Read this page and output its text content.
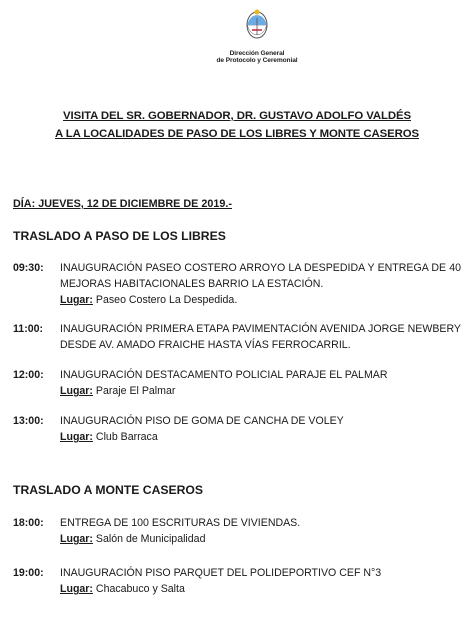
Dirección General
de Protocolo y Ceremonial
VISITA DEL SR. GOBERNADOR, DR. GUSTAVO ADOLFO VALDÉS
A LA LOCALIDADES DE PASO DE LOS LIBRES Y MONTE CASEROS
DÍA: JUEVES, 12 DE DICIEMBRE DE 2019.-
TRASLADO A PASO DE LOS LIBRES
09:30: INAUGURACIÓN PASEO COSTERO ARROYO LA DESPEDIDA Y ENTREGA DE 40 MEJORAS HABITACIONALES BARRIO LA ESTACIÓN.
Lugar: Paseo Costero La Despedida.
11:00: INAUGURACIÓN PRIMERA ETAPA PAVIMENTACIÓN AVENIDA JORGE NEWBERY DESDE AV. AMADO FRAICHE HASTA VÍAS FERROCARRIL.
12:00: INAUGURACIÓN DESTACAMENTO POLICIAL PARAJE EL PALMAR
Lugar: Paraje El Palmar
13:00: INAUGURACIÓN PISO DE GOMA DE CANCHA DE VOLEY
Lugar: Club Barraca
TRASLADO A MONTE CASEROS
18:00: ENTREGA DE 100 ESCRITURAS DE VIVIENDAS.
Lugar: Salón de Municipalidad
19:00: INAUGURACIÓN PISO PARQUET DEL POLIDEPORTIVO CEF N°3
Lugar: Chacabuco y Salta
